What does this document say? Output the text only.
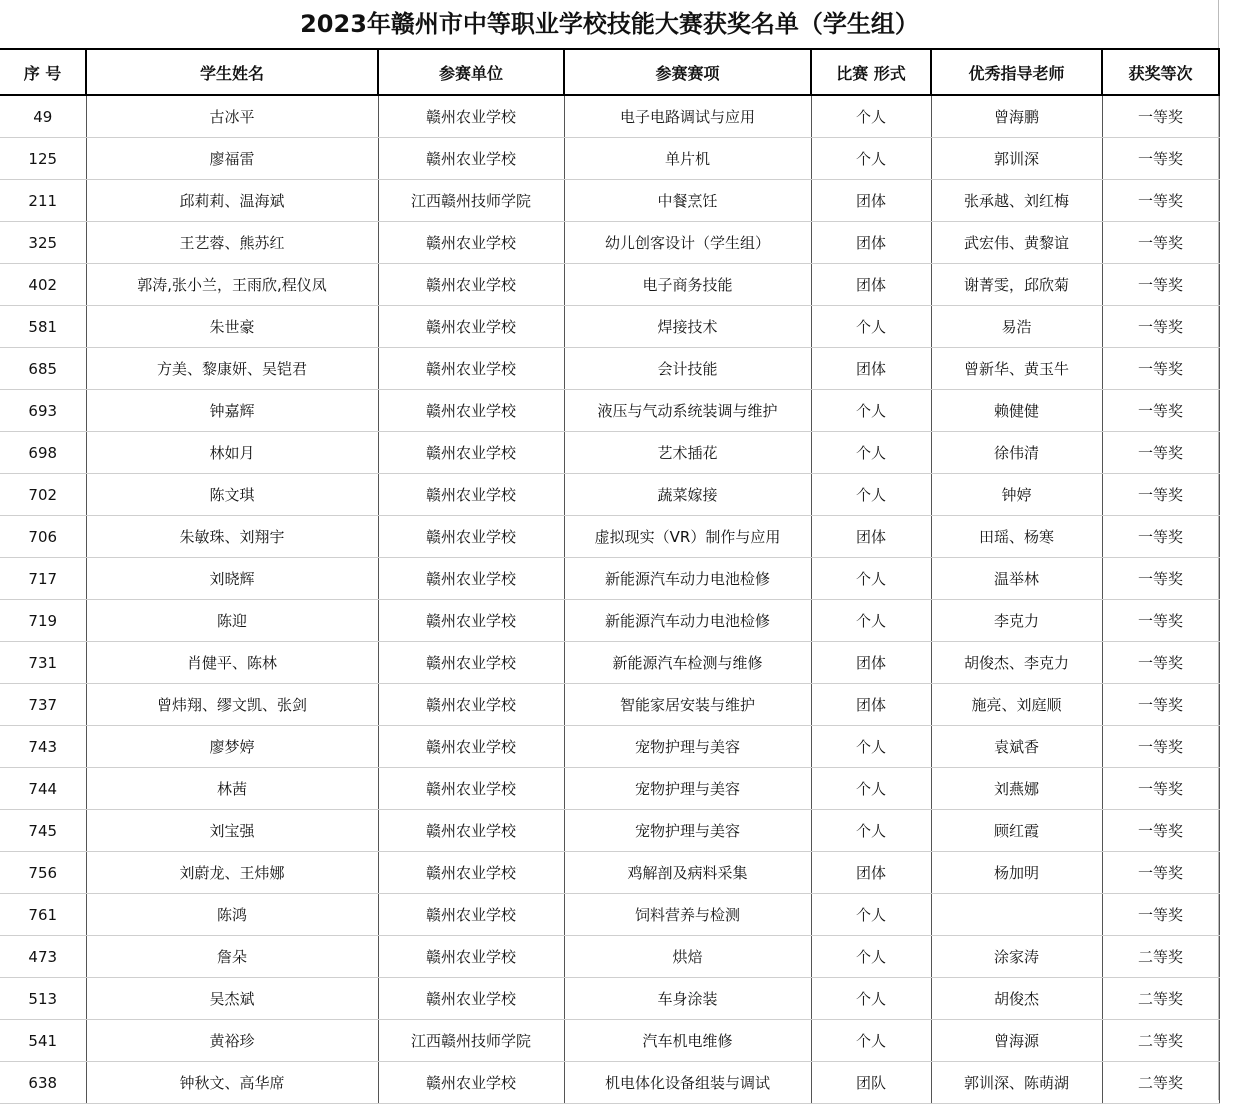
2023年赣州市中等职业学校技能大赛获奖名单（学生组）
序 号	学生姓名	参赛单位	参赛赛项	比赛 形式	优秀指导老师	获奖等次
49	古冰平	赣州农业学校	电子电路调试与应用	个人	曾海鹏	一等奖
125	廖福雷	赣州农业学校	单片机	个人	郭训深	一等奖
211	邱莉莉、温海斌	江西赣州技师学院	中餐烹饪	团体	张承越、刘红梅	一等奖
325	王艺蓉、熊苏红	赣州农业学校	幼儿创客设计（学生组）	团体	武宏伟、黄黎谊	一等奖
402	郭涛,张小兰，王雨欣,程仪凤	赣州农业学校	电子商务技能	团体	谢菁雯，邱欣菊	一等奖
581	朱世豪	赣州农业学校	焊接技术	个人	易浩	一等奖
685	方美、黎康妍、吴铠君	赣州农业学校	会计技能	团体	曾新华、黄玉牛	一等奖
693	钟嘉辉	赣州农业学校	液压与气动系统装调与维护	个人	赖健健	一等奖
698	林如月	赣州农业学校	艺术插花	个人	徐伟清	一等奖
702	陈文琪	赣州农业学校	蔬菜嫁接	个人	钟婷	一等奖
706	朱敏珠、刘翔宇	赣州农业学校	虚拟现实（VR）制作与应用	团体	田瑶、杨寒	一等奖
717	刘晓辉	赣州农业学校	新能源汽车动力电池检修	个人	温举林	一等奖
719	陈迎	赣州农业学校	新能源汽车动力电池检修	个人	李克力	一等奖
731	肖健平、陈林	赣州农业学校	新能源汽车检测与维修	团体	胡俊杰、李克力	一等奖
737	曾炜翔、缪文凯、张剑	赣州农业学校	智能家居安装与维护	团体	施亮、刘庭顺	一等奖
743	廖梦婷	赣州农业学校	宠物护理与美容	个人	袁斌香	一等奖
744	林茜	赣州农业学校	宠物护理与美容	个人	刘燕娜	一等奖
745	刘宝强	赣州农业学校	宠物护理与美容	个人	顾红霞	一等奖
756	刘蔚龙、王炜娜	赣州农业学校	鸡解剖及病料采集	团体	杨加明	一等奖
761	陈鸿	赣州农业学校	饲料营养与检测	个人		一等奖
473	詹朵	赣州农业学校	烘焙	个人	涂家涛	二等奖
513	吴杰斌	赣州农业学校	车身涂装	个人	胡俊杰	二等奖
541	黄裕珍	江西赣州技师学院	汽车机电维修	个人	曾海源	二等奖
638	钟秋文、高华席	赣州农业学校	机电体化设备组装与调试	团队	郭训深、陈萌湖	二等奖
